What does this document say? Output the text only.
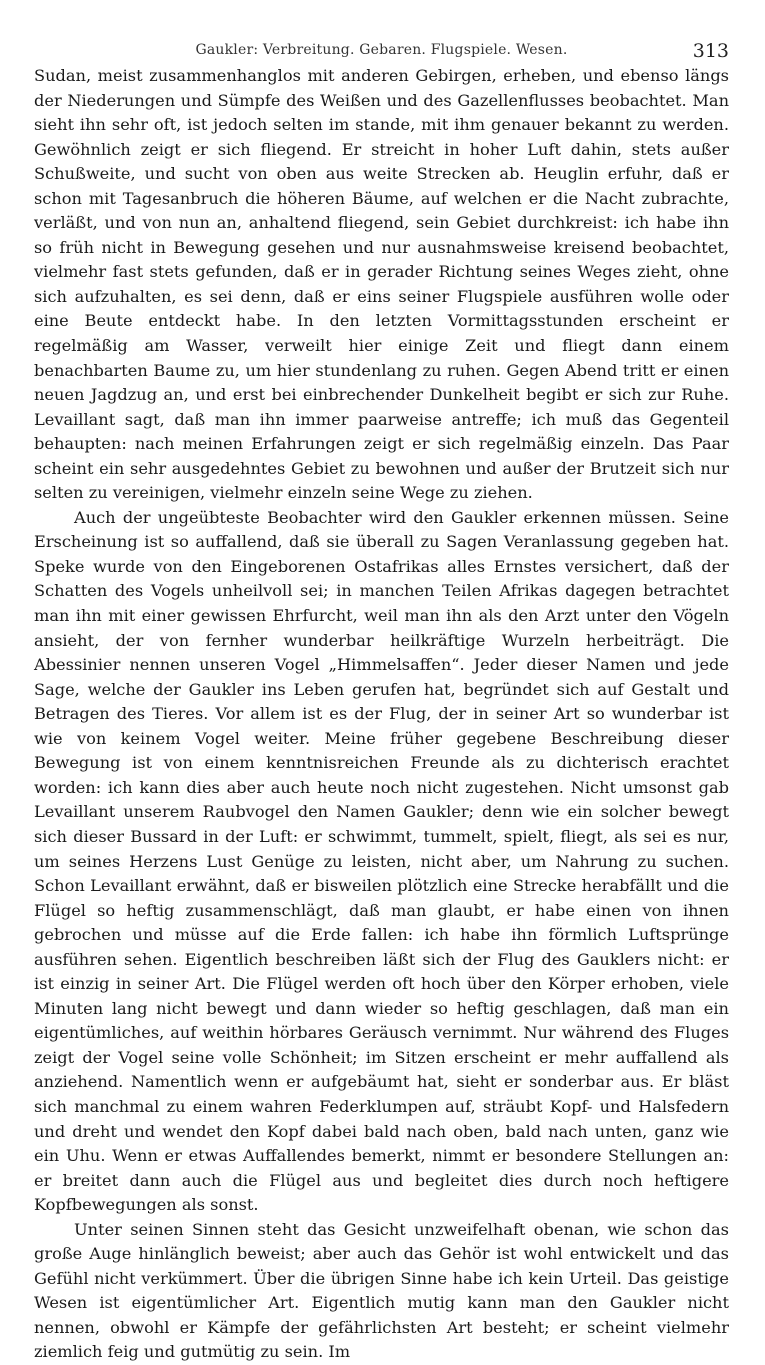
Gaukler: Verbreitung. Gebaren. Flugspiele. Wesen.	313

Sudan, meist zusammenhanglos mit anderen Gebirgen, erheben, und ebenso längs der Niederungen und Sümpfe des Weißen und des Gazellenflusses beobachtet. Man sieht ihn sehr oft, ist jedoch selten im stande, mit ihm genauer bekannt zu werden. Gewöhnlich zeigt er sich fliegend. Er streicht in hoher Luft dahin, stets außer Schußweite, und sucht von oben aus weite Strecken ab. Heuglin erfuhr, daß er schon mit Tagesanbruch die höheren Bäume, auf welchen er die Nacht zubrachte, verläßt, und von nun an, anhaltend fliegend, sein Gebiet durchkreist: ich habe ihn so früh nicht in Bewegung gesehen und nur ausnahmsweise kreisend beobachtet, vielmehr fast stets gefunden, daß er in gerader Richtung seines Weges zieht, ohne sich aufzuhalten, es sei denn, daß er eins seiner Flugspiele ausführen wolle oder eine Beute entdeckt habe. In den letzten Vormittagsstunden erscheint er regelmäßig am Wasser, verweilt hier einige Zeit und fliegt dann einem benachbarten Baume zu, um hier stundenlang zu ruhen. Gegen Abend tritt er einen neuen Jagdzug an, und erst bei einbrechender Dunkelheit begibt er sich zur Ruhe. Levaillant sagt, daß man ihn immer paarweise antreffe; ich muß das Gegenteil behaupten: nach meinen Erfahrungen zeigt er sich regelmäßig einzeln. Das Paar scheint ein sehr ausgedehntes Gebiet zu bewohnen und außer der Brutzeit sich nur selten zu vereinigen, vielmehr einzeln seine Wege zu ziehen.

Auch der ungeübteste Beobachter wird den Gaukler erkennen müssen. Seine Erscheinung ist so auffallend, daß sie überall zu Sagen Veranlassung gegeben hat. Speke wurde von den Eingeborenen Ostafrikas alles Ernstes versichert, daß der Schatten des Vogels unheilvoll sei; in manchen Teilen Afrikas dagegen betrachtet man ihn mit einer gewissen Ehrfurcht, weil man ihn als den Arzt unter den Vögeln ansieht, der von fernher wunderbar heilkräftige Wurzeln herbeiträgt. Die Abessinier nennen unseren Vogel „Himmelsaffen“. Jeder dieser Namen und jede Sage, welche der Gaukler ins Leben gerufen hat, begründet sich auf Gestalt und Betragen des Tieres. Vor allem ist es der Flug, der in seiner Art so wunderbar ist wie von keinem Vogel weiter. Meine früher gegebene Beschreibung dieser Bewegung ist von einem kenntnisreichen Freunde als zu dichterisch erachtet worden: ich kann dies aber auch heute noch nicht zugestehen. Nicht umsonst gab Levaillant unserem Raubvogel den Namen Gaukler; denn wie ein solcher bewegt sich dieser Bussard in der Luft: er schwimmt, tummelt, spielt, fliegt, als sei es nur, um seines Herzens Lust Genüge zu leisten, nicht aber, um Nahrung zu suchen. Schon Levaillant erwähnt, daß er bisweilen plötzlich eine Strecke herabfällt und die Flügel so heftig zusammenschlägt, daß man glaubt, er habe einen von ihnen gebrochen und müsse auf die Erde fallen: ich habe ihn förmlich Luftsprünge ausführen sehen. Eigentlich beschreiben läßt sich der Flug des Gauklers nicht: er ist einzig in seiner Art. Die Flügel werden oft hoch über den Körper erhoben, viele Minuten lang nicht bewegt und dann wieder so heftig geschlagen, daß man ein eigentümliches, auf weithin hörbares Geräusch vernimmt. Nur während des Fluges zeigt der Vogel seine volle Schönheit; im Sitzen erscheint er mehr auffallend als anziehend. Namentlich wenn er aufgebäumt hat, sieht er sonderbar aus. Er bläst sich manchmal zu einem wahren Federklumpen auf, sträubt Kopf- und Halsfedern und dreht und wendet den Kopf dabei bald nach oben, bald nach unten, ganz wie ein Uhu. Wenn er etwas Auffallendes bemerkt, nimmt er besondere Stellungen an: er breitet dann auch die Flügel aus und begleitet dies durch noch heftigere Kopfbewegungen als sonst.

Unter seinen Sinnen steht das Gesicht unzweifelhaft obenan, wie schon das große Auge hinlänglich beweist; aber auch das Gehör ist wohl entwickelt und das Gefühl nicht verkümmert. Über die übrigen Sinne habe ich kein Urteil. Das geistige Wesen ist eigentümlicher Art. Eigentlich mutig kann man den Gaukler nicht nennen, obwohl er Kämpfe der gefährlichsten Art besteht; er scheint vielmehr ziemlich feig und gutmütig zu sein. Im
